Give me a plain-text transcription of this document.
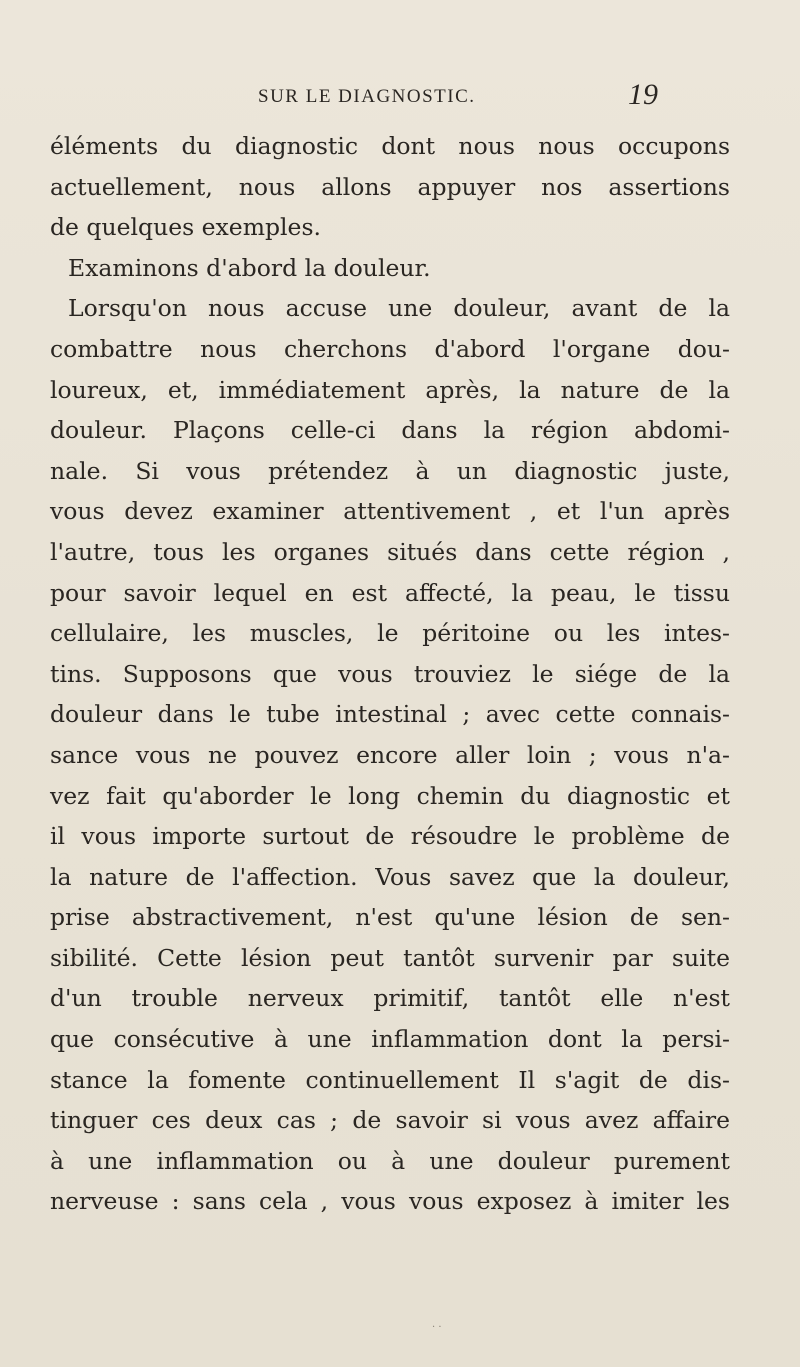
SUR LE DIAGNOSTIC.	19
éléments du diagnostic dont nous nous occupons
actuellement, nous allons appuyer nos assertions
de quelques exemples.
Examinons d'abord la douleur.
Lorsqu'on nous accuse une douleur, avant de la
combattre nous cherchons d'abord l'organe dou-
loureux, et, immédiatement après, la nature de la
douleur. Plaçons celle-ci dans la région abdomi-
nale. Si vous prétendez à un diagnostic juste,
vous devez examiner attentivement , et l'un après
l'autre, tous les organes situés dans cette région ,
pour savoir lequel en est affecté, la peau, le tissu
cellulaire, les muscles, le péritoine ou les intes-
tins. Supposons que vous trouviez le siége de la
douleur dans le tube intestinal ; avec cette connais-
sance vous ne pouvez encore aller loin ; vous n'a-
vez fait qu'aborder le long chemin du diagnostic et
il vous importe surtout de résoudre le problème de
la nature de l'affection. Vous savez que la douleur,
prise abstractivement, n'est qu'une lésion de sen-
sibilité. Cette lésion peut tantôt survenir par suite
d'un trouble nerveux primitif, tantôt elle n'est
que consécutive à une inflammation dont la persi-
stance la fomente continuellement Il s'agit de dis-
tinguer ces deux cas ; de savoir si vous avez affaire
à une inflammation ou à une douleur purement
nerveuse : sans cela , vous vous exposez à imiter les
· ·
